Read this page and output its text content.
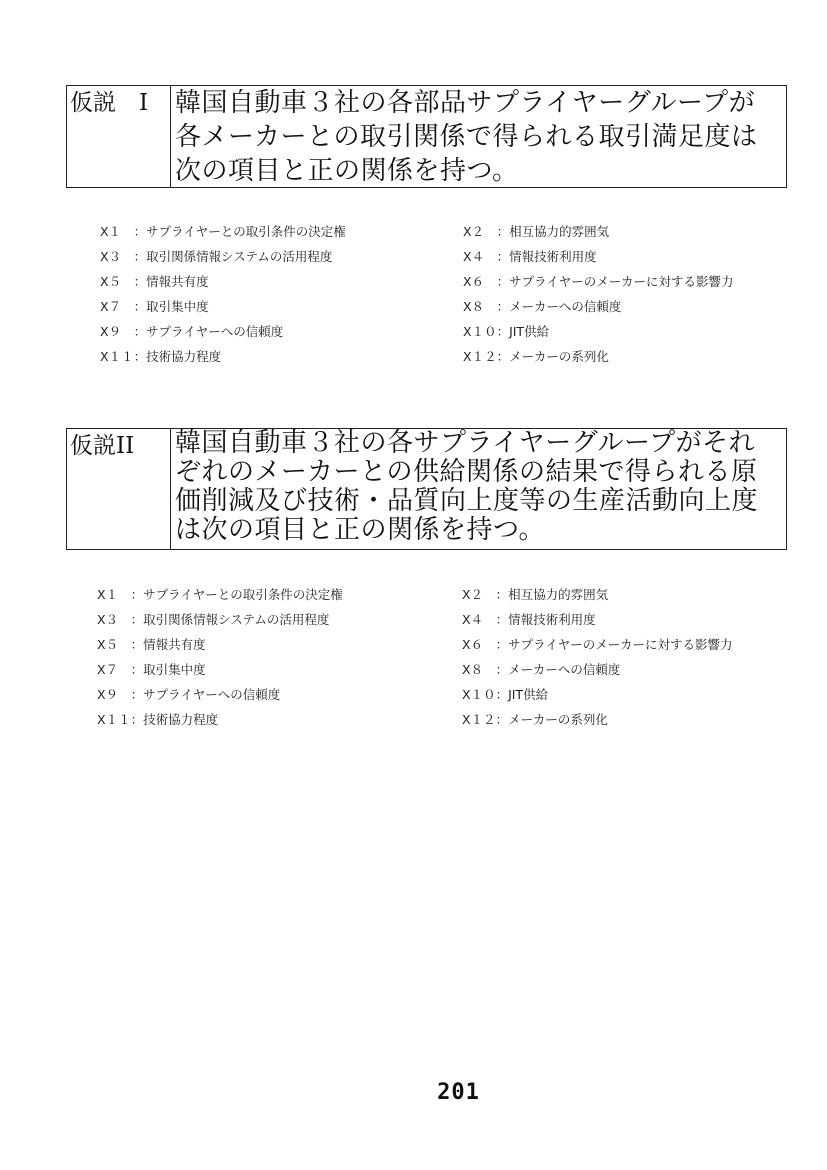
仮説　I	韓国自動車３社の各部品サプライヤーグループが
各メーカーとの取引関係で得られる取引満足度は
次の項目と正の関係を持つ。
X１　：サプライヤーとの取引条件の決定権	X２　：相互協力的雰囲気
X３　：取引関係情報システムの活用程度	X４　：情報技術利用度
X５　：情報共有度	X６　：サプライヤーのメーカーに対する影響力
X７　：取引集中度	X８　：メーカーへの信頼度
X９　：サプライヤーへの信頼度	X１０：JIT供給
X１１：技術協力程度	X１２：メーカーの系列化
仮説II	韓国自動車３社の各サプライヤーグループがそれ
ぞれのメーカーとの供給関係の結果で得られる原
価削減及び技術・品質向上度等の生産活動向上度
は次の項目と正の関係を持つ。
X１　：サプライヤーとの取引条件の決定権	X２　：相互協力的雰囲気
X３　：取引関係情報システムの活用程度	X４　：情報技術利用度
X５　：情報共有度	X６　：サプライヤーのメーカーに対する影響力
X７　：取引集中度	X８　：メーカーへの信頼度
X９　：サプライヤーへの信頼度	X１０：JIT供給
X１１：技術協力程度	X１２：メーカーの系列化
201
